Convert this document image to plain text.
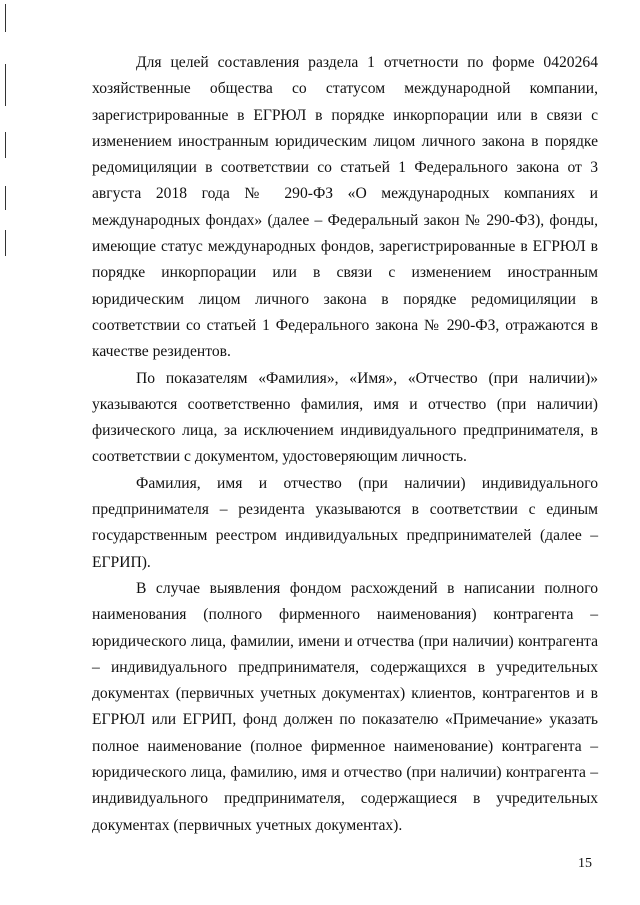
Для целей составления раздела 1 отчетности по форме 0420264 хозяйственные общества со статусом международной компании, зарегистрированные в ЕГРЮЛ в порядке инкорпорации или в связи с изменением иностранным юридическим лицом личного закона в порядке редомициляции в соответствии со статьей 1 Федерального закона от 3 августа 2018 года № 290-ФЗ «О международных компаниях и международных фондах» (далее – Федеральный закон № 290-ФЗ), фонды, имеющие статус международных фондов, зарегистрированные в ЕГРЮЛ в порядке инкорпорации или в связи с изменением иностранным юридическим лицом личного закона в порядке редомициляции в соответствии со статьей 1 Федерального закона № 290-ФЗ, отражаются в качестве резидентов.

По показателям «Фамилия», «Имя», «Отчество (при наличии)» указываются соответственно фамилия, имя и отчество (при наличии) физического лица, за исключением индивидуального предпринимателя, в соответствии с документом, удостоверяющим личность.

Фамилия, имя и отчество (при наличии) индивидуального предпринимателя – резидента указываются в соответствии с единым государственным реестром индивидуальных предпринимателей (далее – ЕГРИП).

В случае выявления фондом расхождений в написании полного наименования (полного фирменного наименования) контрагента – юридического лица, фамилии, имени и отчества (при наличии) контрагента – индивидуального предпринимателя, содержащихся в учредительных документах (первичных учетных документах) клиентов, контрагентов и в ЕГРЮЛ или ЕГРИП, фонд должен по показателю «Примечание» указать полное наименование (полное фирменное наименование) контрагента – юридического лица, фамилию, имя и отчество (при наличии) контрагента – индивидуального предпринимателя, содержащиеся в учредительных документах (первичных учетных документах).

15
